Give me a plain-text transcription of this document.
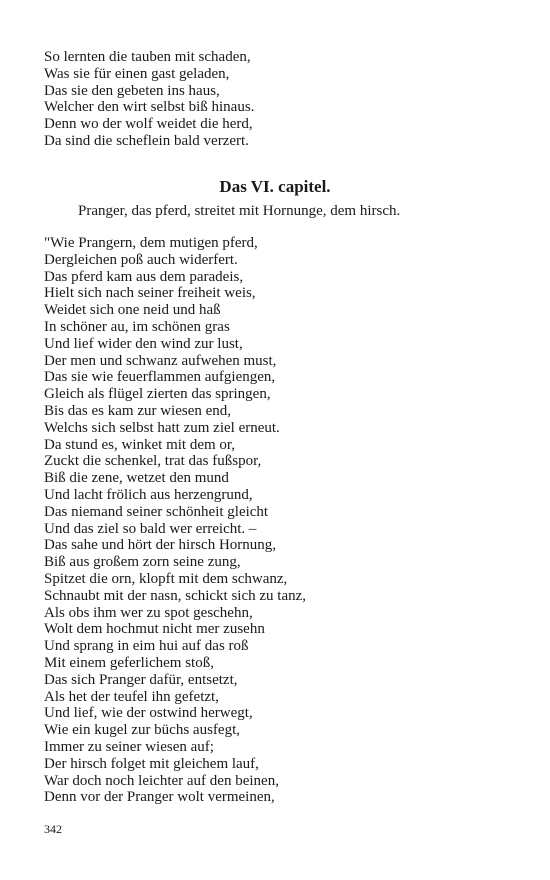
So lernten die tauben mit schaden,
Was sie für einen gast geladen,
Das sie den gebeten ins haus,
Welcher den wirt selbst biß hinaus.
Denn wo der wolf weidet die herd,
Da sind die scheflein bald verzert.
Das VI. capitel.
Pranger, das pferd, streitet mit Hornunge, dem hirsch.
"Wie Prangern, dem mutigen pferd,
Dergleichen poß auch widerfert.
Das pferd kam aus dem paradeis,
Hielt sich nach seiner freiheit weis,
Weidet sich one neid und haß
In schöner au, im schönen gras
Und lief wider den wind zur lust,
Der men und schwanz aufwehen must,
Das sie wie feuerflammen aufgiengen,
Gleich als flügel zierten das springen,
Bis das es kam zur wiesen end,
Welchs sich selbst hatt zum ziel erneut.
Da stund es, winket mit dem or,
Zuckt die schenkel, trat das fußspor,
Biß die zene, wetzet den mund
Und lacht frölich aus herzengrund,
Das niemand seiner schönheit gleicht
Und das ziel so bald wer erreicht. –
Das sahe und hört der hirsch Hornung,
Biß aus großem zorn seine zung,
Spitzet die orn, klopft mit dem schwanz,
Schnaubt mit der nasn, schickt sich zu tanz,
Als obs ihm wer zu spot geschehn,
Wolt dem hochmut nicht mer zusehn
Und sprang in eim hui auf das roß
Mit einem geferlichem stoß,
Das sich Pranger dafür, entsetzt,
Als het der teufel ihn gefetzt,
Und lief, wie der ostwind herwegt,
Wie ein kugel zur büchs ausfegt,
Immer zu seiner wiesen auf;
Der hirsch folget mit gleichem lauf,
War doch noch leichter auf den beinen,
Denn vor der Pranger wolt vermeinen,
342
